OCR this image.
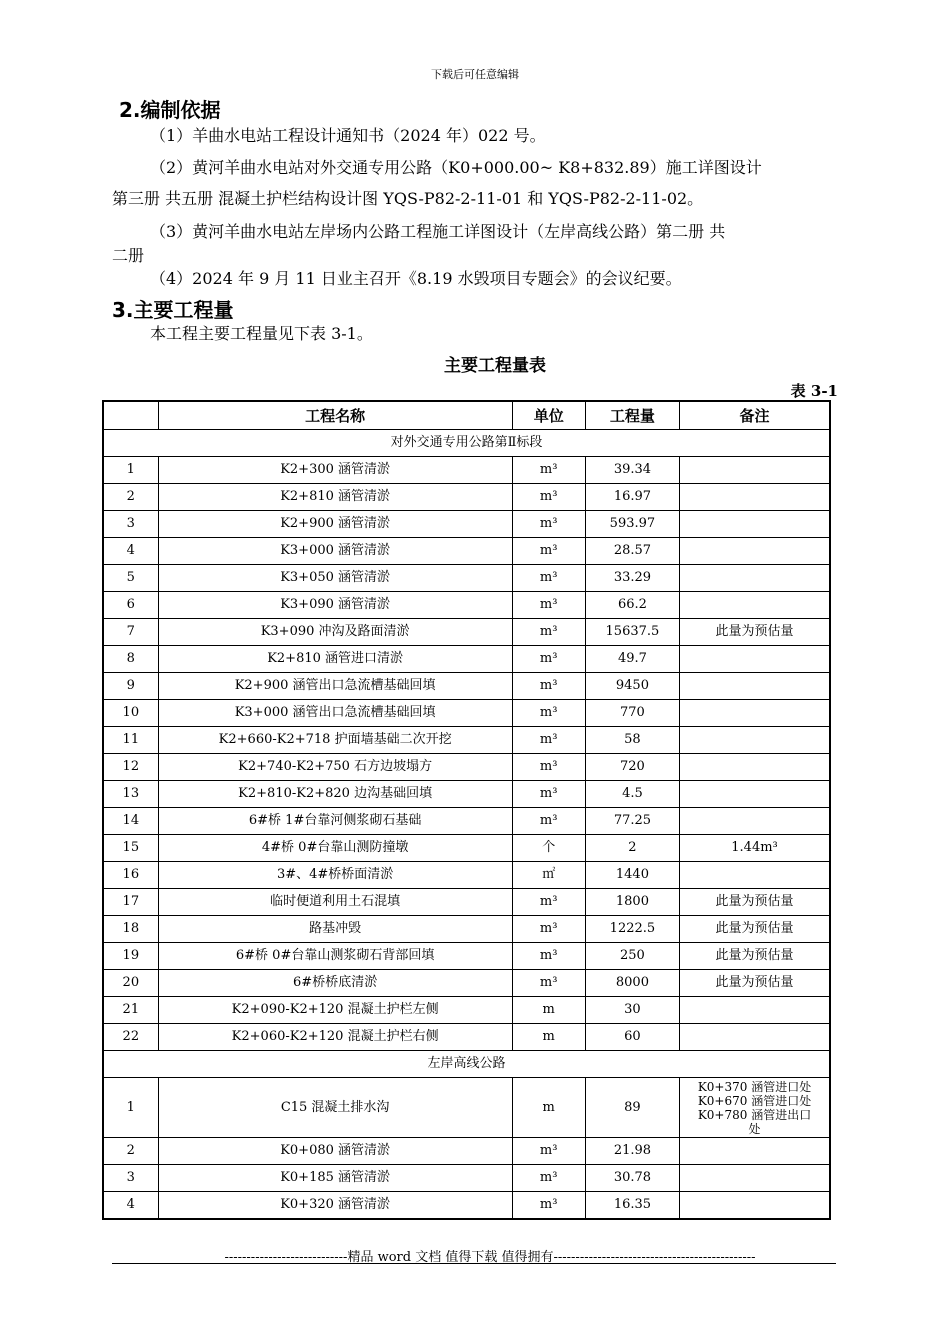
下载后可任意编辑
2.编制依据
（1）羊曲水电站工程设计通知书（2024 年）022 号。
（2）黄河羊曲水电站对外交通专用公路（K0+000.00~ K8+832.89）施工详图设计
第三册 共五册 混凝土护栏结构设计图 YQS-P82-2-11-01 和 YQS-P82-2-11-02。
（3）黄河羊曲水电站左岸场内公路工程施工详图设计（左岸高线公路）第二册 共
二册
（4）2024 年 9 月 11 日业主召开《8.19 水毁项目专题会》的会议纪要。
3.主要工程量
本工程主要工程量见下表 3-1。
主要工程量表
表 3-1
	工程名称	单位	工程量	备注
对外交通专用公路第Ⅱ标段				
1	K2+300 涵管清淤	m³	39.34	
2	K2+810 涵管清淤	m³	16.97	
3	K2+900 涵管清淤	m³	593.97	
4	K3+000 涵管清淤	m³	28.57	
5	K3+050 涵管清淤	m³	33.29	
6	K3+090 涵管清淤	m³	66.2	
7	K3+090 冲沟及路面清淤	m³	15637.5	此量为预估量
8	K2+810 涵管进口清淤	m³	49.7	
9	K2+900 涵管出口急流槽基础回填	m³	9450	
10	K3+000 涵管出口急流槽基础回填	m³	770	
11	K2+660-K2+718 护面墙基础二次开挖	m³	58	
12	K2+740-K2+750 石方边坡塌方	m³	720	
13	K2+810-K2+820 边沟基础回填	m³	4.5	
14	6#桥 1#台靠河侧浆砌石基础	m³	77.25	
15	4#桥 0#台靠山测防撞墩	个	2	1.44m³
16	3#、4#桥桥面清淤	㎡	1440	
17	临时便道利用土石混填	m³	1800	此量为预估量
18	路基冲毁	m³	1222.5	此量为预估量
19	6#桥 0#台靠山测浆砌石背部回填	m³	250	此量为预估量
20	6#桥桥底清淤	m³	8000	此量为预估量
21	K2+090-K2+120 混凝土护栏左侧	m	30	
22	K2+060-K2+120 混凝土护栏右侧	m	60	
左岸高线公路				
1	C15 混凝土排水沟	m	89	K0+370 涵管进口处
K0+670 涵管进口处
K0+780 涵管进出口
处

2	K0+080 涵管清淤	m³	21.98	
3	K0+185 涵管清淤	m³	30.78	
4	K0+320 涵管清淤	m³	16.35	
----------------------------精品 word 文档 值得下载 值得拥有----------------------------------------------
